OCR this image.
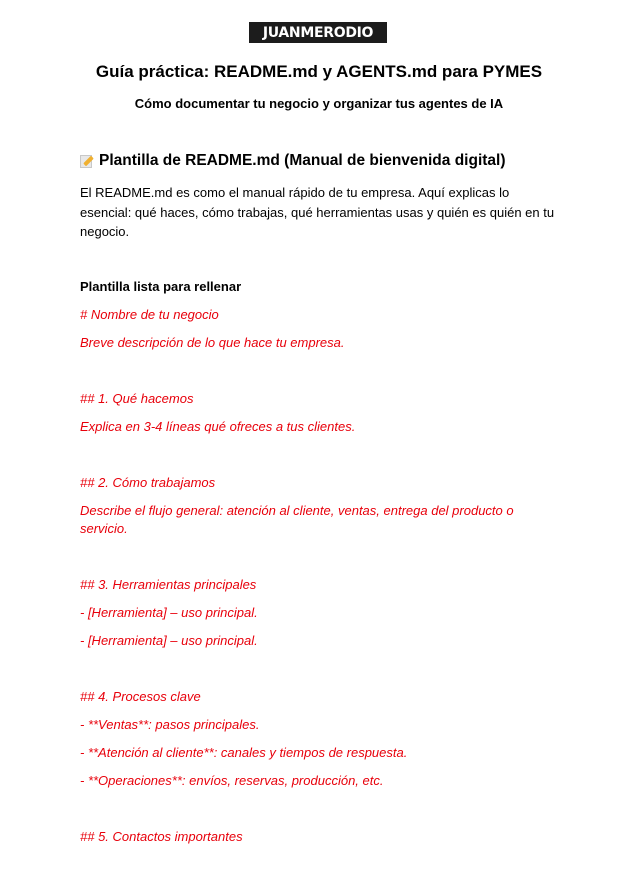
JUANMERODIO
Guía práctica: README.md y AGENTS.md para PYMES
Cómo documentar tu negocio y organizar tus agentes de IA
Plantilla de README.md (Manual de bienvenida digital)
El README.md es como el manual rápido de tu empresa. Aquí explicas lo esencial: qué haces, cómo trabajas, qué herramientas usas y quién es quién en tu negocio.
Plantilla lista para rellenar
# Nombre de tu negocio
Breve descripción de lo que hace tu empresa.
## 1. Qué hacemos
Explica en 3-4 líneas qué ofreces a tus clientes.
## 2. Cómo trabajamos
Describe el flujo general: atención al cliente, ventas, entrega del producto o servicio.
## 3. Herramientas principales
- [Herramienta] – uso principal.
- [Herramienta] – uso principal.
## 4. Procesos clave
- **Ventas**: pasos principales.
- **Atención al cliente**: canales y tiempos de respuesta.
- **Operaciones**: envíos, reservas, producción, etc.
## 5. Contactos importantes
